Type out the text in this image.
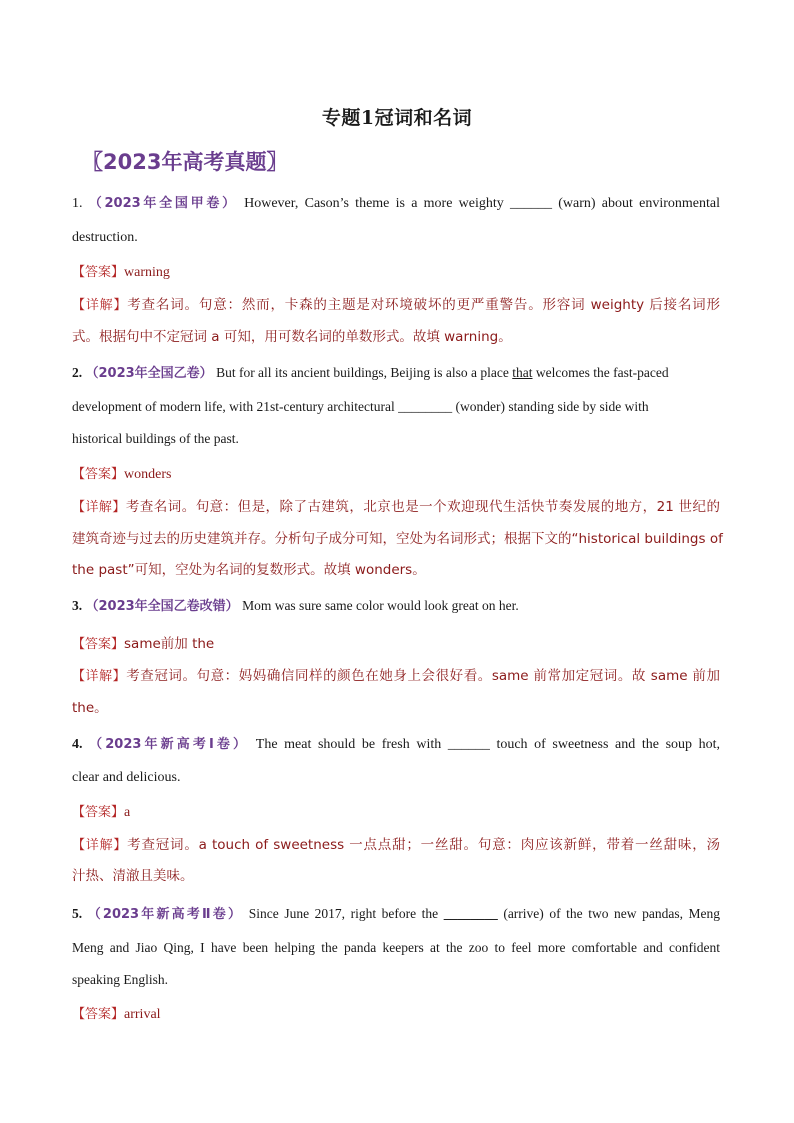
专题1冠词和名词
〖2023年高考真题〗
1. （2023年全国甲卷） However, Cason’s theme is a more weighty ______ (warn) about environmental
destruction.
【答案】warning
【详解】考查名词。句意：然而，卡森的主题是对环境破坏的更严重警告。形容词 weighty 后接名词形
式。根据句中不定冠词 a 可知，用可数名词的单数形式。故填 warning。
2. （2023年全国乙卷） But for all its ancient buildings, Beijing is also a place that welcomes the fast-paced
development of modern life, with 21st-century architectural ________ (wonder) standing side by side with
historical buildings of the past.
【答案】wonders
【详解】考查名词。句意：但是，除了古建筑，北京也是一个欢迎现代生活快节奏发展的地方，21 世纪的
建筑奇迹与过去的历史建筑并存。分析句子成分可知，空处为名词形式；根据下文的“historical buildings of
the past”可知，空处为名词的复数形式。故填 wonders。
3. （2023年全国乙卷改错） Mom was sure same color would look great on her.
【答案】same前加 the
【详解】考查冠词。句意：妈妈确信同样的颜色在她身上会很好看。same 前常加定冠词。故 same 前加
the。
4. （2023年新高考Ⅰ卷） The meat should be fresh with ______ touch of sweetness and the soup hot,
clear and delicious.
【答案】a
【详解】考查冠词。a touch of sweetness 一点点甜；一丝甜。句意：肉应该新鲜，带着一丝甜味，汤
汁热、清澈且美味。
5. （2023年新高考Ⅱ卷） Since June 2017, right before the ________ (arrive) of the two new pandas, Meng
Meng and Jiao Qing, I have been helping the panda keepers at the zoo to feel more comfortable and confident
speaking English.
【答案】arrival
